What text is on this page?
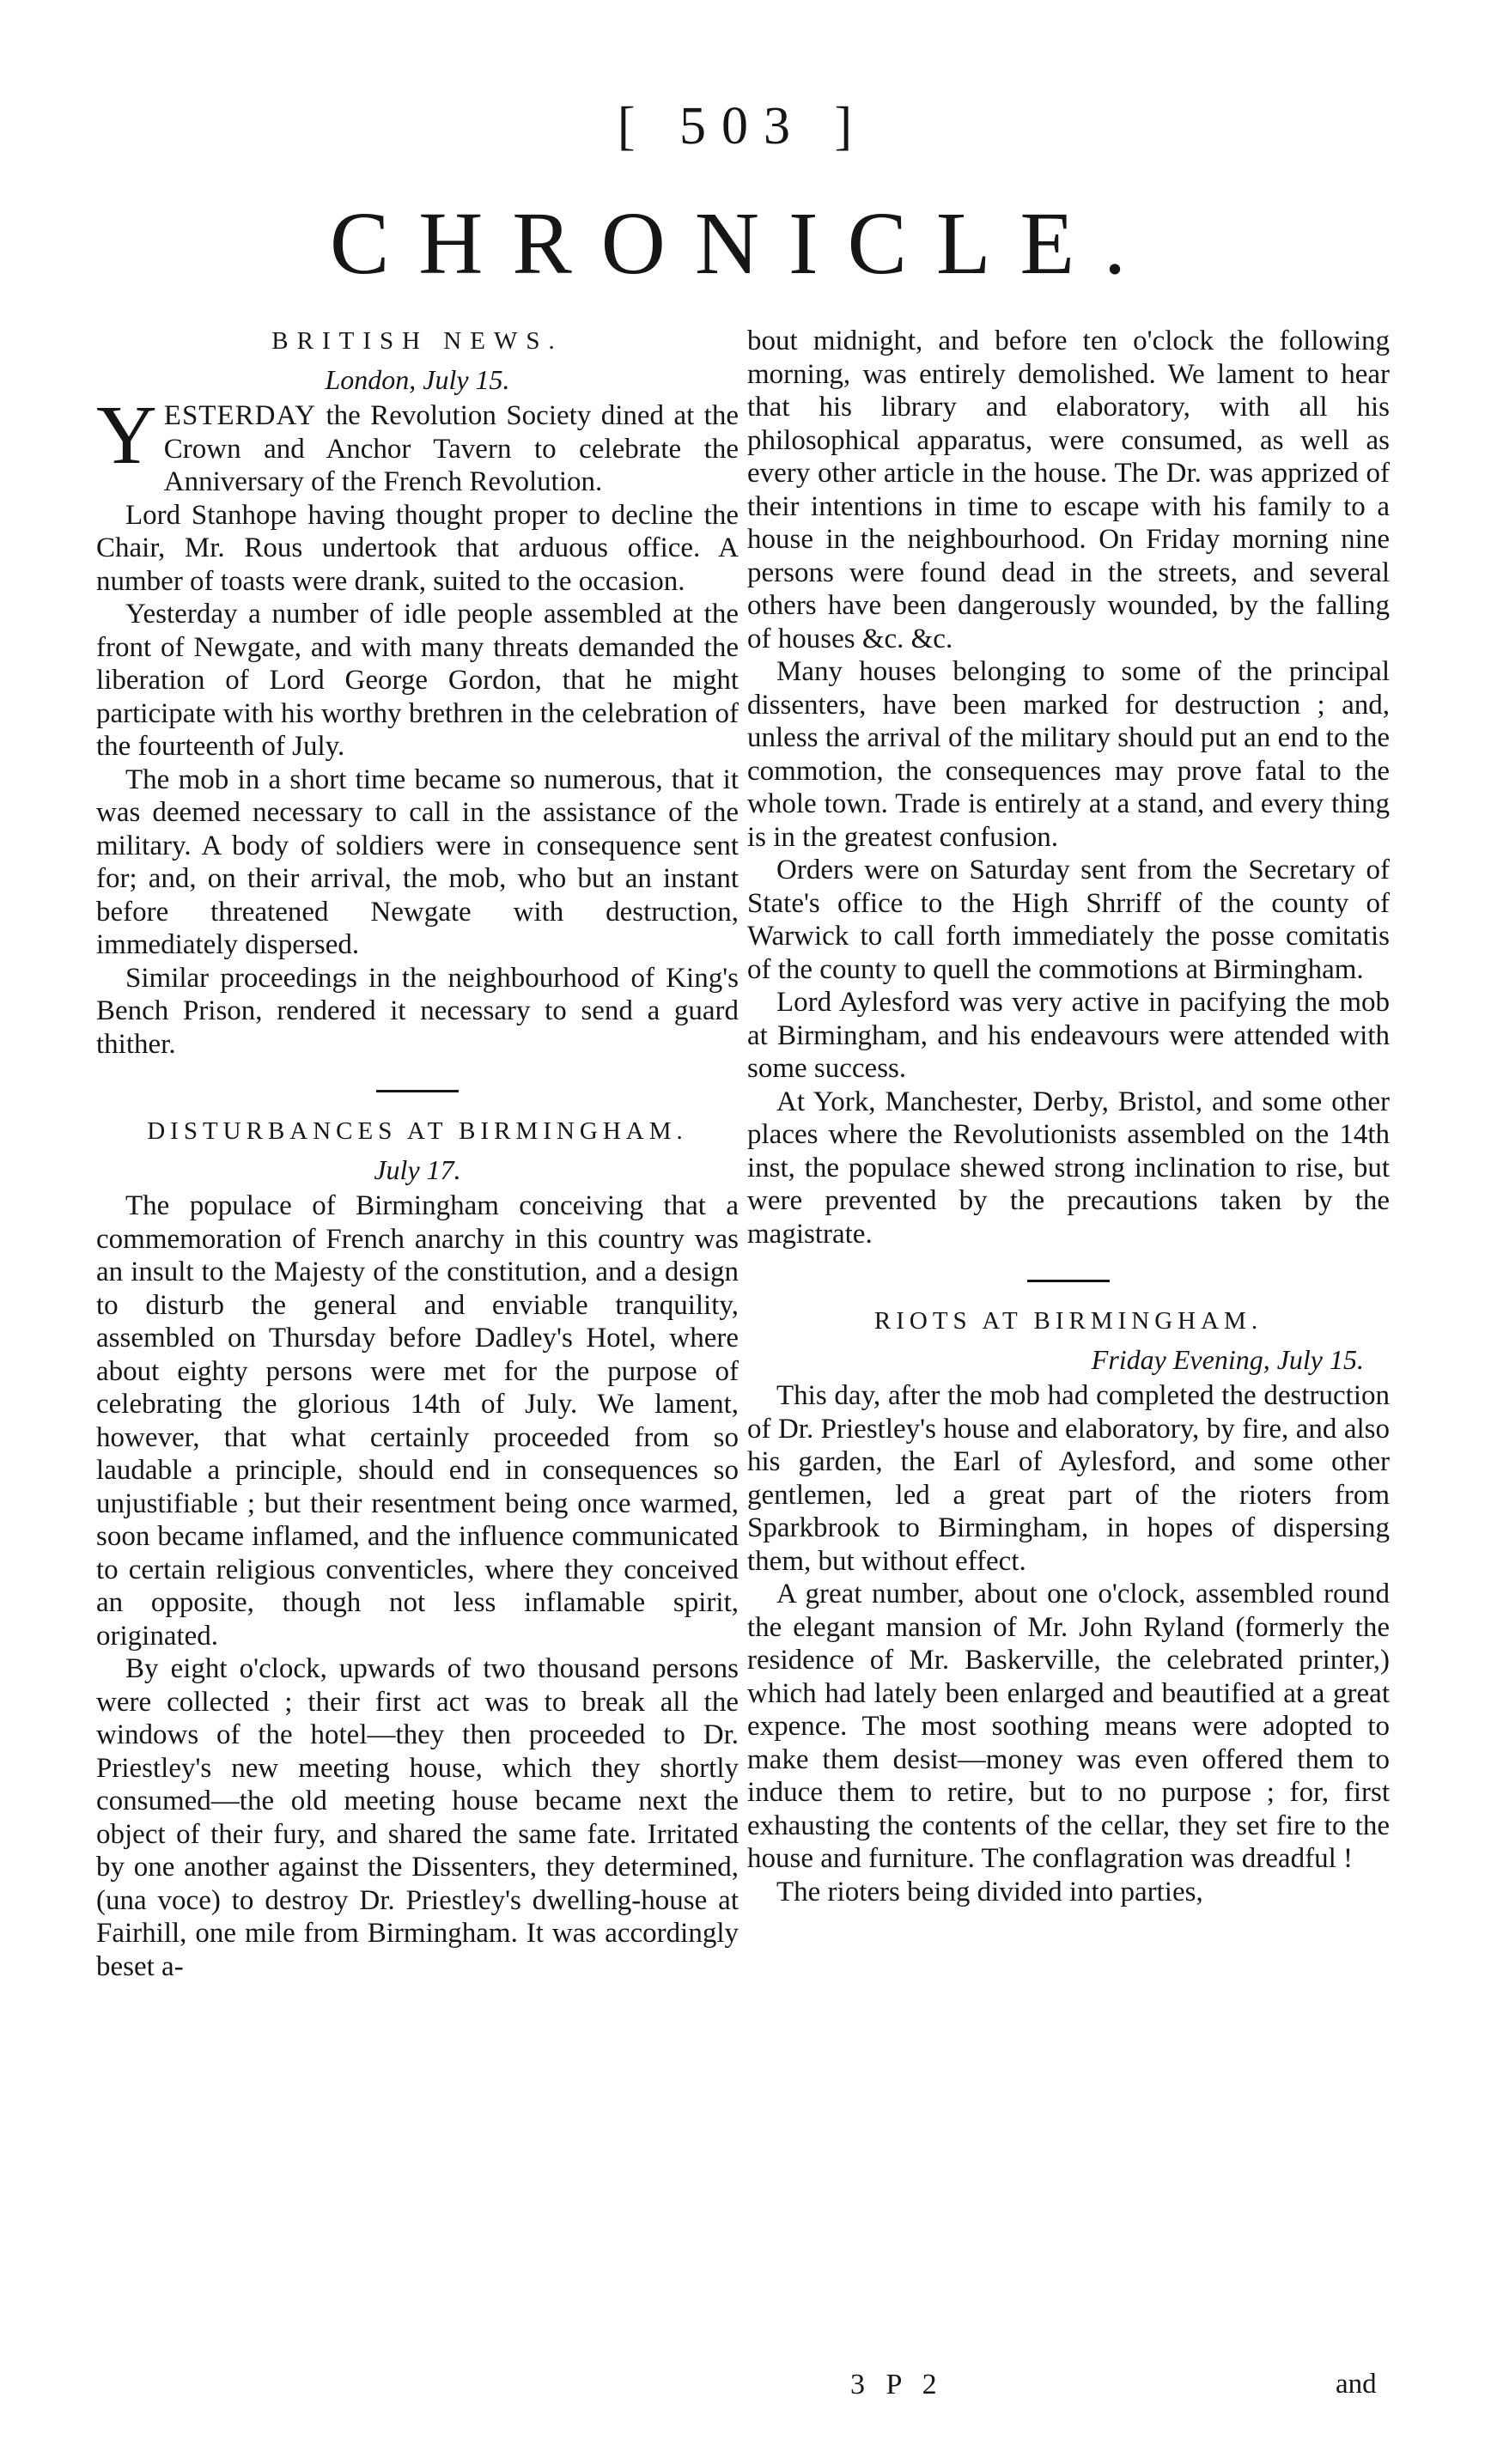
[ 503 ]
CHRONICLE.
BRITISH NEWS.
London, July 15.

YESTERDAY the Revolution Society dined at the Crown and Anchor Tavern to celebrate the Anniversary of the French Revolution.

Lord Stanhope having thought proper to decline the Chair, Mr. Rous undertook that arduous office. A number of toasts were drank, suited to the occasion.

Yesterday a number of idle people assembled at the front of Newgate, and with many threats demanded the liberation of Lord George Gordon, that he might participate with his worthy brethren in the celebration of the fourteenth of July.

The mob in a short time became so numerous, that it was deemed necessary to call in the assistance of the military. A body of soldiers were in consequence sent for; and, on their arrival, the mob, who but an instant before threatened Newgate with destruction, immediately dispersed.

Similar proceedings in the neighbourhood of King's Bench Prison, rendered it necessary to send a guard thither.

DISTURBANCES AT BIRMINGHAM.
July 17.

The populace of Birmingham conceiving that a commemoration of French anarchy in this country was an insult to the Majesty of the constitution, and a design to disturb the general and enviable tranquility, assembled on Thursday before Dadley's Hotel, where about eighty persons were met for the purpose of celebrating the glorious 14th of July. We lament, however, that what certainly proceeded from so laudable a principle, should end in consequences so unjustifiable ; but their resentment being once warmed, soon became inflamed, and the influence communicated to certain religious conventicles, where they conceived an opposite, though not less inflamable spirit, originated.

By eight o'clock, upwards of two thousand persons were collected ; their first act was to break all the windows of the hotel—they then proceeded to Dr. Priestley's new meeting house, which they shortly consumed—the old meeting house became next the object of their fury, and shared the same fate. Irritated by one another against the Dissenters, they determined, (una voce) to destroy Dr. Priestley's dwelling-house at Fairhill, one mile from Birmingham. It was accordingly beset a-

bout midnight, and before ten o'clock the following morning, was entirely demolished. We lament to hear that his library and elaboratory, with all his philosophical apparatus, were consumed, as well as every other article in the house. The Dr. was apprized of their intentions in time to escape with his family to a house in the neighbourhood. On Friday morning nine persons were found dead in the streets, and several others have been dangerously wounded, by the falling of houses &c. &c.

Many houses belonging to some of the principal dissenters, have been marked for destruction ; and, unless the arrival of the military should put an end to the commotion, the consequences may prove fatal to the whole town. Trade is entirely at a stand, and every thing is in the greatest confusion.

Orders were on Saturday sent from the Secretary of State's office to the High Shrriff of the county of Warwick to call forth immediately the posse comitatis of the county to quell the commotions at Birmingham.

Lord Aylesford was very active in pacifying the mob at Birmingham, and his endeavours were attended with some success.

At York, Manchester, Derby, Bristol, and some other places where the Revolutionists assembled on the 14th inst, the populace shewed strong inclination to rise, but were prevented by the precautions taken by the magistrate.

RIOTS AT BIRMINGHAM.
Friday Evening, July 15.

This day, after the mob had completed the destruction of Dr. Priestley's house and elaboratory, by fire, and also his garden, the Earl of Aylesford, and some other gentlemen, led a great part of the rioters from Sparkbrook to Birmingham, in hopes of dispersing them, but without effect.

A great number, about one o'clock, assembled round the elegant mansion of Mr. John Ryland (formerly the residence of Mr. Baskerville, the celebrated printer,) which had lately been enlarged and beautified at a great expence. The most soothing means were adopted to make them desist—money was even offered them to induce them to retire, but to no purpose ; for, first exhausting the contents of the cellar, they set fire to the house and furniture. The conflagration was dreadful !

The rioters being divided into parties,

3 P 2	and
